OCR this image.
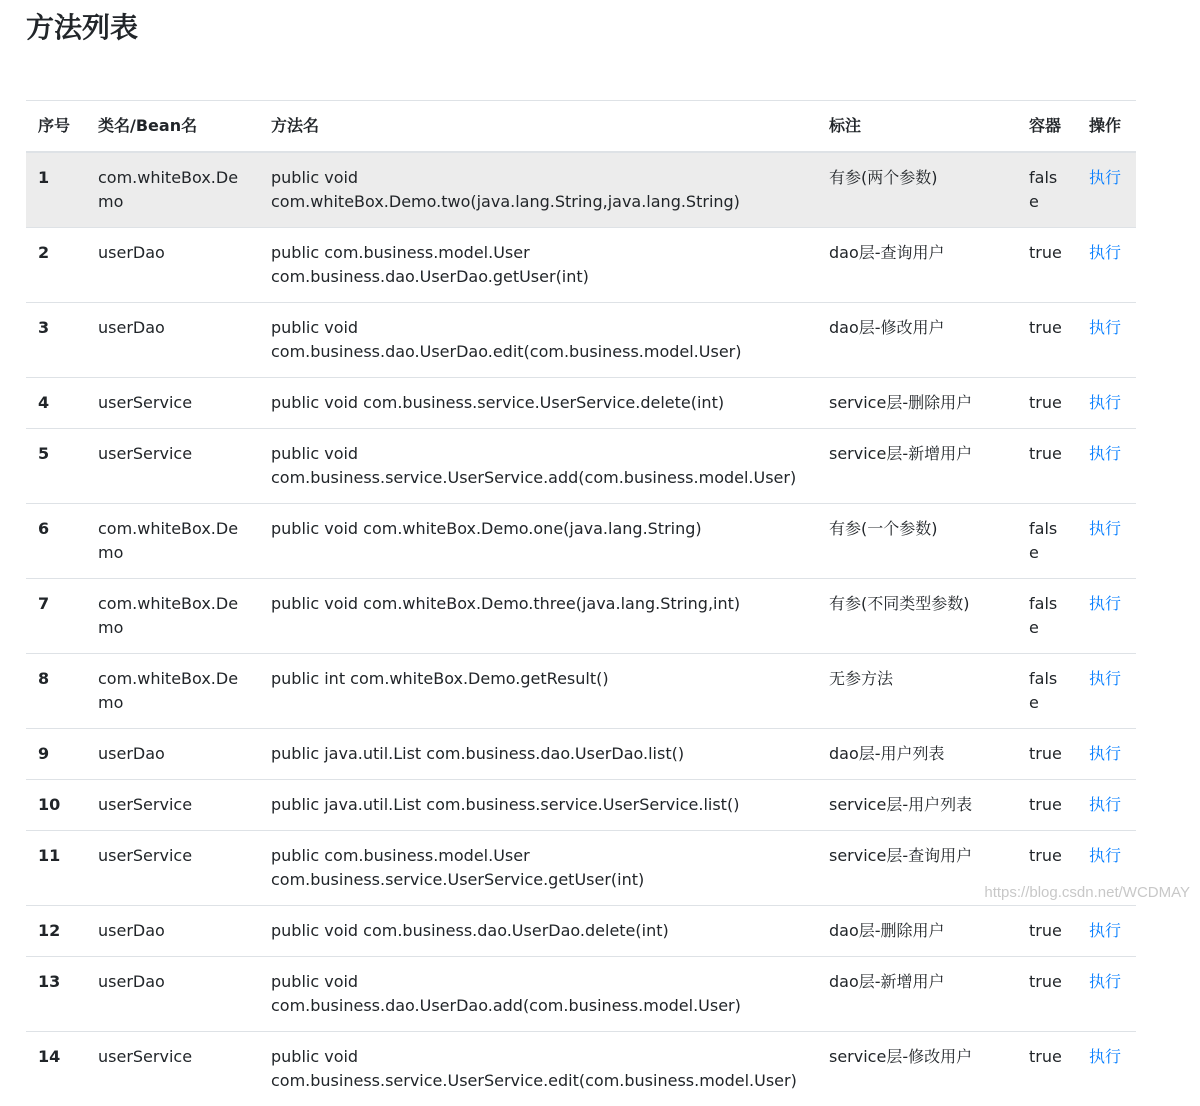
方法列表
序号	类名/Bean名	方法名	标注	容器	操作
1	com.whiteBox.Demo	public void com.whiteBox.Demo.two(java.lang.String,java.lang.String)	有参(两个参数)	false	执行
2	userDao	public com.business.model.User com.business.dao.UserDao.getUser(int)	dao层-查询用户	true	执行
3	userDao	public void com.business.dao.UserDao.edit(com.business.model.User)	dao层-修改用户	true	执行
4	userService	public void com.business.service.UserService.delete(int)	service层-删除用户	true	执行
5	userService	public void com.business.service.UserService.add(com.business.model.User)	service层-新增用户	true	执行
6	com.whiteBox.Demo	public void com.whiteBox.Demo.one(java.lang.String)	有参(一个参数)	false	执行
7	com.whiteBox.Demo	public void com.whiteBox.Demo.three(java.lang.String,int)	有参(不同类型参数)	false	执行
8	com.whiteBox.Demo	public int com.whiteBox.Demo.getResult()	无参方法	false	执行
9	userDao	public java.util.List com.business.dao.UserDao.list()	dao层-用户列表	true	执行
10	userService	public java.util.List com.business.service.UserService.list()	service层-用户列表	true	执行
11	userService	public com.business.model.User com.business.service.UserService.getUser(int)	service层-查询用户	true	执行
12	userDao	public void com.business.dao.UserDao.delete(int)	dao层-删除用户	true	执行
13	userDao	public void com.business.dao.UserDao.add(com.business.model.User)	dao层-新增用户	true	执行
14	userService	public void com.business.service.UserService.edit(com.business.model.User)	service层-修改用户	true	执行
https://blog.csdn.net/WCDMAY
